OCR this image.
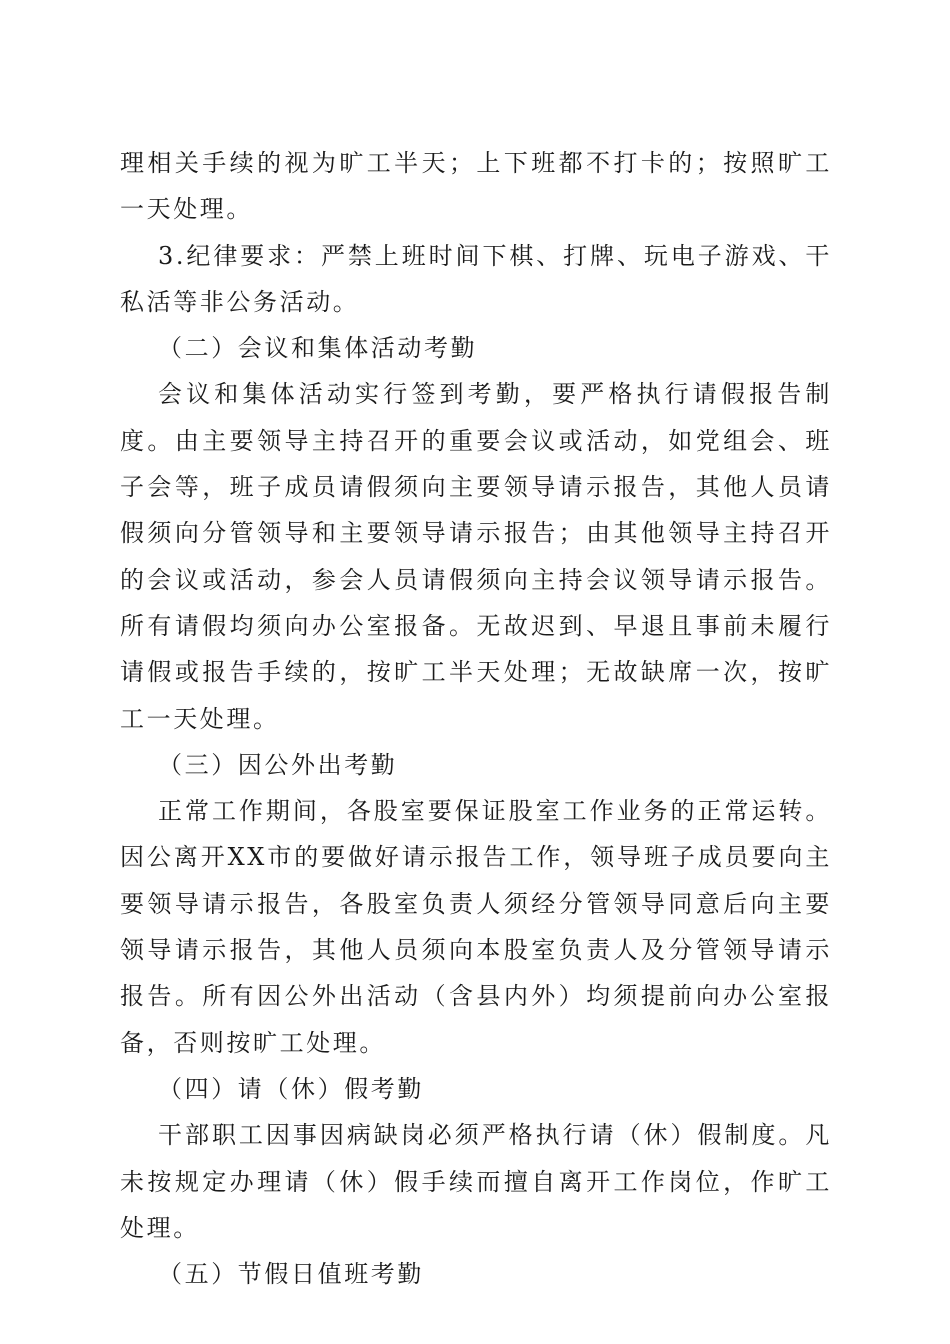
理相关手续的视为旷工半天；上下班都不打卡的；按照旷工一天处理。

3.纪律要求：严禁上班时间下棋、打牌、玩电子游戏、干私活等非公务活动。

（二）会议和集体活动考勤

会议和集体活动实行签到考勤，要严格执行请假报告制度。由主要领导主持召开的重要会议或活动，如党组会、班子会等，班子成员请假须向主要领导请示报告，其他人员请假须向分管领导和主要领导请示报告；由其他领导主持召开的会议或活动，参会人员请假须向主持会议领导请示报告。所有请假均须向办公室报备。无故迟到、早退且事前未履行请假或报告手续的，按旷工半天处理；无故缺席一次，按旷工一天处理。

（三）因公外出考勤

正常工作期间，各股室要保证股室工作业务的正常运转。因公离开XX市的要做好请示报告工作，领导班子成员要向主要领导请示报告，各股室负责人须经分管领导同意后向主要领导请示报告，其他人员须向本股室负责人及分管领导请示报告。所有因公外出活动（含县内外）均须提前向办公室报备，否则按旷工处理。

（四）请（休）假考勤

干部职工因事因病缺岗必须严格执行请（休）假制度。凡未按规定办理请（休）假手续而擅自离开工作岗位，作旷工处理。

（五）节假日值班考勤
